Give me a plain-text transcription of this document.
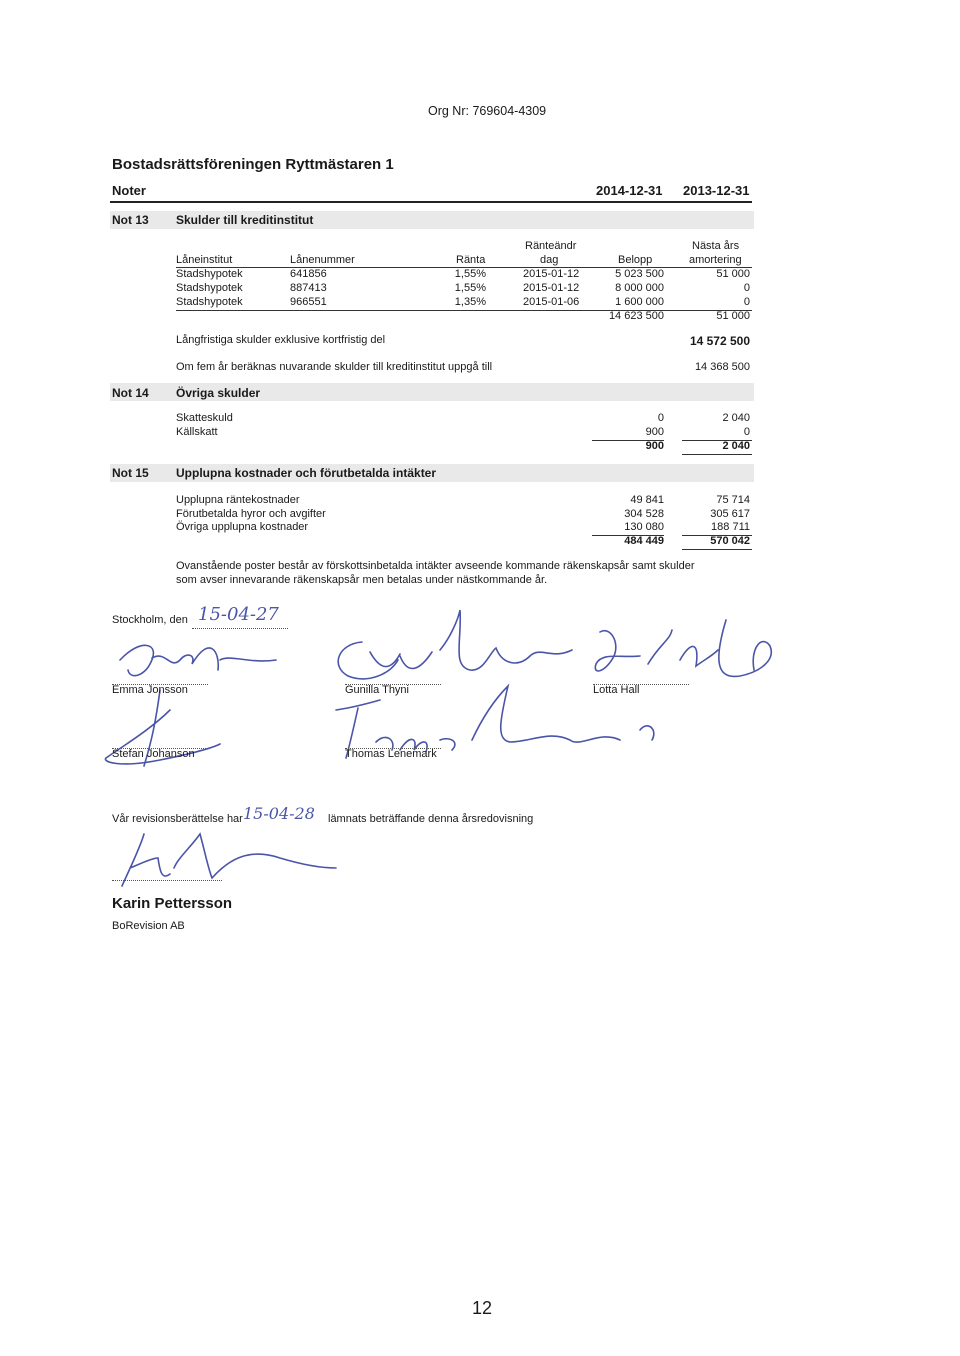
Org Nr: 769604-4309
Bostadsrättsföreningen Ryttmästaren 1
Noter	2014-12-31 2013-12-31
Not 13 Skulder till kreditinstitut
Ränteändr	Nästa års
Låneinstitut	Lånenummer	Ränta	dag	Belopp	amortering
Stadshypotek	641856	1,55%	2015-01-12	5 023 500	51 000
Stadshypotek	887413	1,55%	2015-01-12	8 000 000	0
Stadshypotek	966551	1,35%	2015-01-06	1 600 000	0
14 623 500	51 000
Långfristiga skulder exklusive kortfristig del	14 572 500
Om fem år beräknas nuvarande skulder till kreditinstitut uppgå till	14 368 500
Not 14 Övriga skulder
Skatteskuld	0	2 040
Källskatt	900	0
900	2 040
Not 15 Upplupna kostnader och förutbetalda intäkter
Upplupna räntekostnader	49 841	75 714
Förutbetalda hyror och avgifter	304 528	305 617
Övriga upplupna kostnader	130 080	188 711
484 449	570 042
Ovanstående poster består av förskottsinbetalda intäkter avseende kommande räkenskapsår samt skulder
som avser innevarande räkenskapsår men betalas under nästkommande år.
Stockholm, den 15-04-27
Emma Jonsson	Gunilla Thyni	Lotta Hall
Stefan Johanson	Thomas Lenemark
Vår revisionsberättelse har 15-04-28 lämnats beträffande denna årsredovisning
Karin Pettersson
BoRevision AB
12
